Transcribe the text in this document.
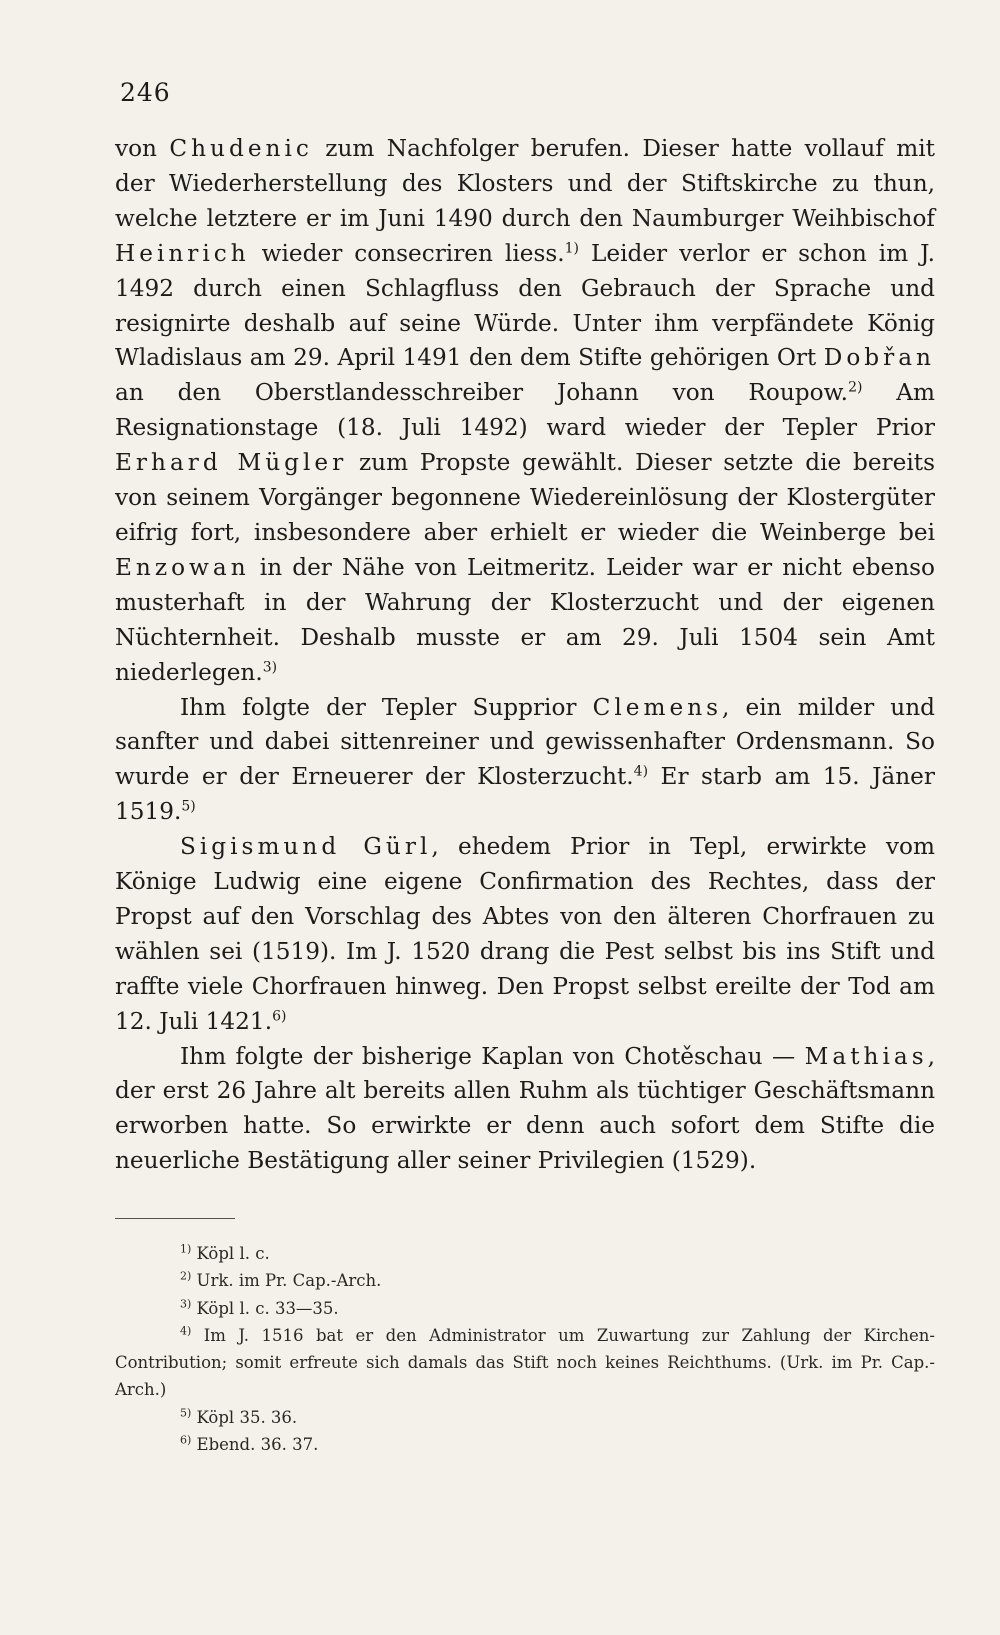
246

von Chudenic zum Nachfolger berufen. Dieser hatte vollauf mit der Wiederherstellung des Klosters und der Stiftskirche zu thun, welche letztere er im Juni 1490 durch den Naumburger Weihbischof Heinrich wieder consecriren liess.$^{1)}$ Leider verlor er schon im J. 1492 durch einen Schlagfluss den Gebrauch der Sprache und resignirte deshalb auf seine Würde. Unter ihm verpfändete König Wladislaus am 29. April 1491 den dem Stifte gehörigen Ort Dobřan an den Oberstlandesschreiber Johann von Roupow.$^{2)}$ Am Resignationstage (18. Juli 1492) ward wieder der Tepler Prior Erhard Mügler zum Propste gewählt. Dieser setzte die bereits von seinem Vorgänger begonnene Wiedereinlösung der Klostergüter eifrig fort, insbesondere aber erhielt er wieder die Weinberge bei Enzowan in der Nähe von Leitmeritz. Leider war er nicht ebenso musterhaft in der Wahrung der Klosterzucht und der eigenen Nüchternheit. Deshalb musste er am 29. Juli 1504 sein Amt niederlegen.$^{3)}$

Ihm folgte der Tepler Supprior Clemens, ein milder und sanfter und dabei sittenreiner und gewissenhafter Ordensmann. So wurde er der Erneuerer der Klosterzucht.$^{4)}$ Er starb am 15. Jäner 1519.$^{5)}$

Sigismund Gürl, ehedem Prior in Tepl, erwirkte vom Könige Ludwig eine eigene Confirmation des Rechtes, dass der Propst auf den Vorschlag des Abtes von den älteren Chorfrauen zu wählen sei (1519). Im J. 1520 drang die Pest selbst bis ins Stift und raffte viele Chorfrauen hinweg. Den Propst selbst ereilte der Tod am 12. Juli 1421.$^{6)}$

Ihm folgte der bisherige Kaplan von Chotěschau — Mathias, der erst 26 Jahre alt bereits allen Ruhm als tüchtiger Geschäftsmann erworben hatte. So erwirkte er denn auch sofort dem Stifte die neuerliche Bestätigung aller seiner Privilegien (1529).

$^{1)}$ Köpl l. c.
$^{2)}$ Urk. im Pr. Cap.-Arch.
$^{3)}$ Köpl l. c. 33—35.
$^{4)}$ Im J. 1516 bat er den Administrator um Zuwartung zur Zahlung der Kirchen-Contribution; somit erfreute sich damals das Stift noch keines Reichthums. (Urk. im Pr. Cap.-Arch.)
$^{5)}$ Köpl 35. 36.
$^{6)}$ Ebend. 36. 37.
